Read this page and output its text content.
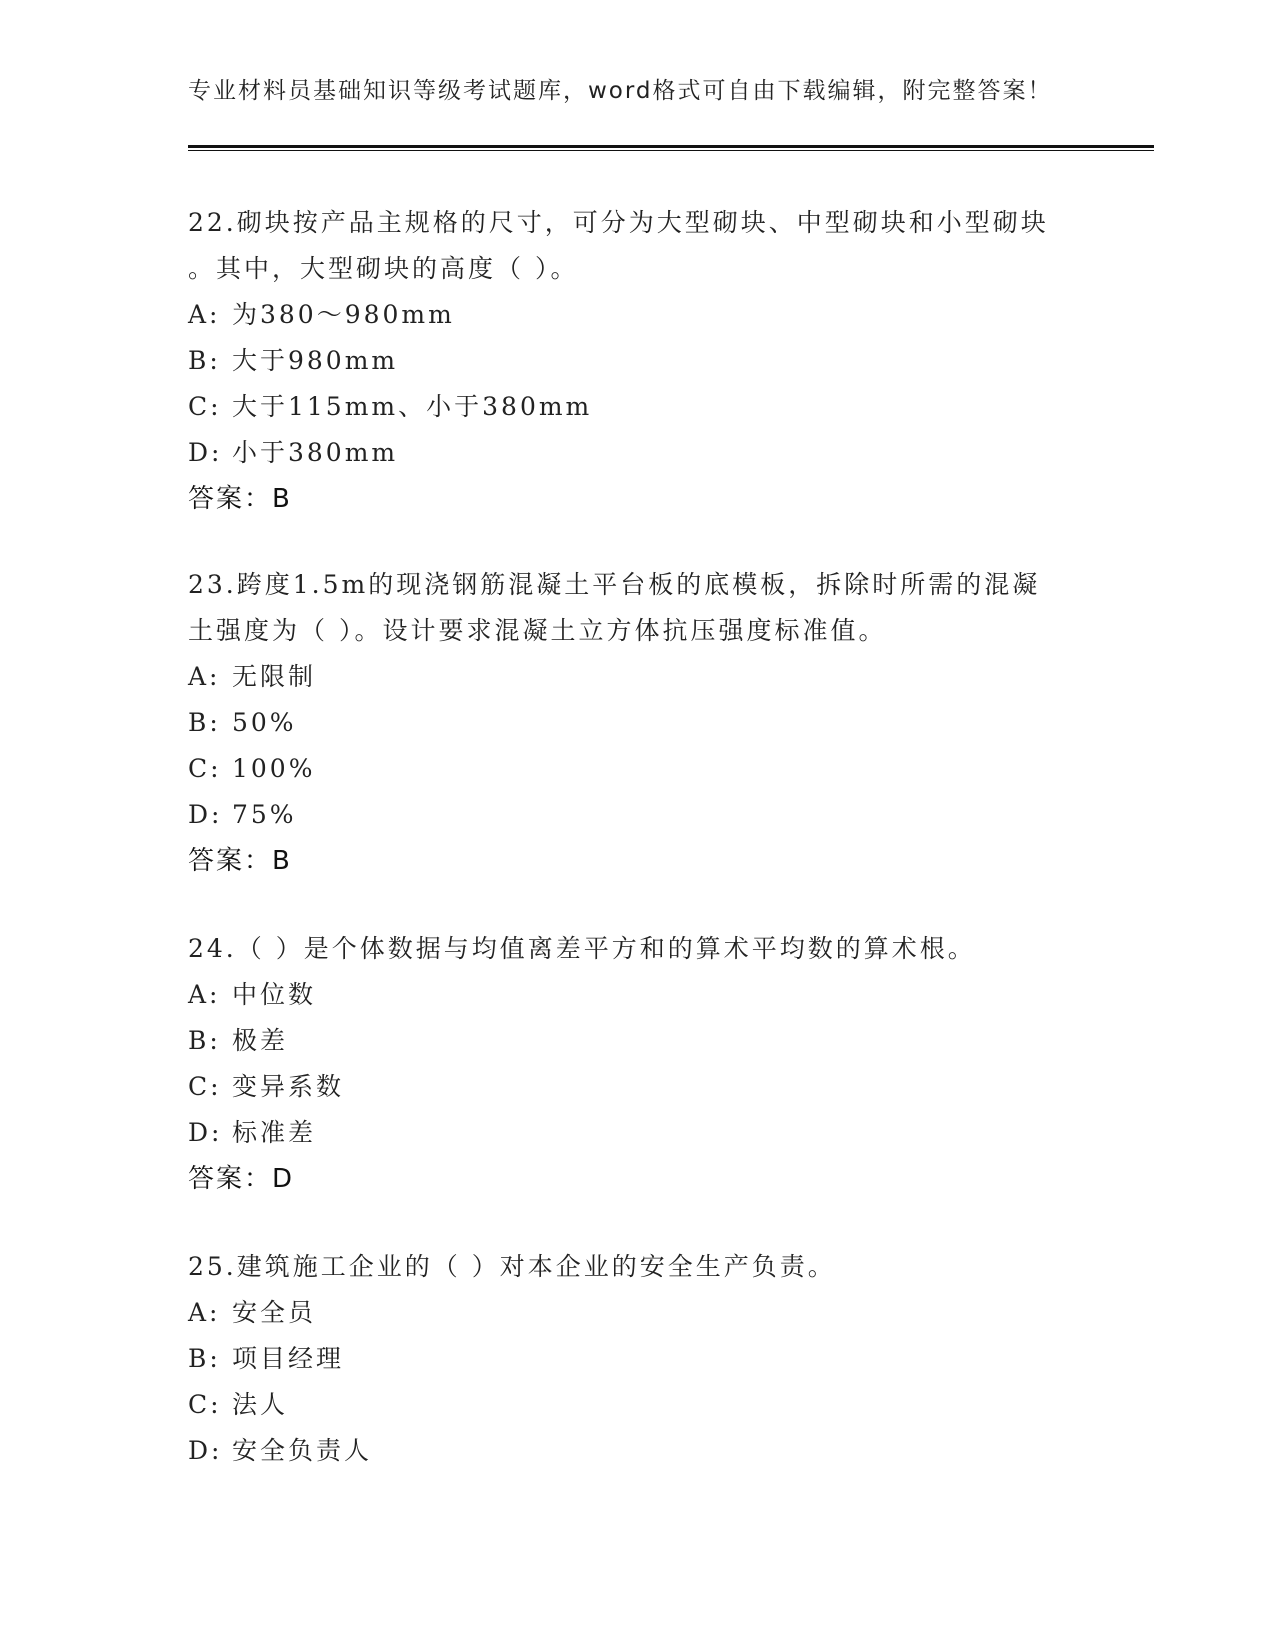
专业材料员基础知识等级考试题库，word格式可自由下载编辑，附完整答案！
22.砌块按产品主规格的尺寸，可分为大型砌块、中型砌块和小型砌块
。其中，大型砌块的高度（ ）。
A: 为380～980mm
B: 大于980mm
C: 大于115mm、小于380mm
D: 小于380mm
答案：B
23.跨度1.5m的现浇钢筋混凝土平台板的底模板，拆除时所需的混凝
土强度为（ ）。设计要求混凝土立方体抗压强度标准值。
A: 无限制
B: 50%
C: 100%
D: 75%
答案：B
24.（ ）是个体数据与均值离差平方和的算术平均数的算术根。
A: 中位数
B: 极差
C: 变异系数
D: 标准差
答案：D
25.建筑施工企业的（ ）对本企业的安全生产负责。
A: 安全员
B: 项目经理
C: 法人
D: 安全负责人
